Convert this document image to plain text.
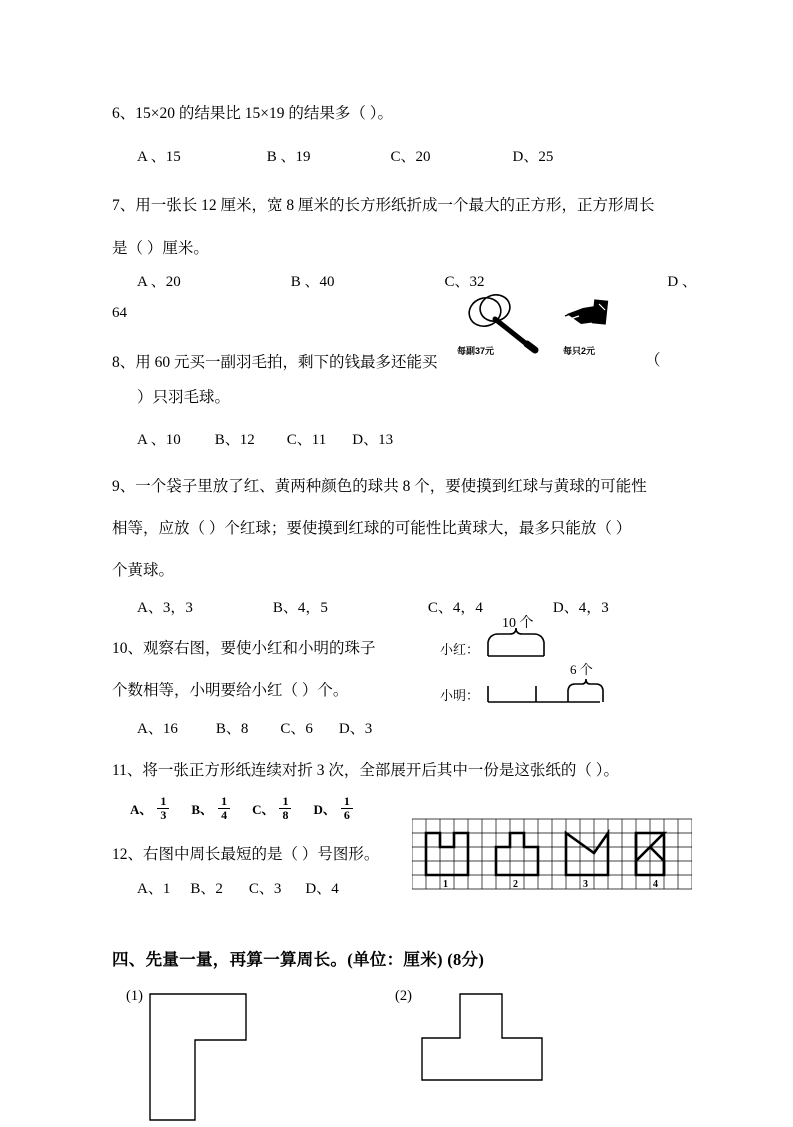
6、15×20 的结果比 15×19 的结果多（ ）。
A 、15	B 、19	C、20	D、25
7、用一张长 12 厘米，宽 8 厘米的长方形纸折成一个最大的正方形，正方形周长
是（ ）厘米。
A 、20	B 、40	C、32	D 、
64
8、用 60 元买一副羽毛拍，剩下的钱最多还能买	（
）只羽毛球。
A 、10 B、12 C、11 D、13
每副37元	每只2元
9、一个袋子里放了红、黄两种颜色的球共 8 个，要使摸到红球与黄球的可能性
相等，应放（ ）个红球；要使摸到红球的可能性比黄球大，最多只能放（ ）
个黄球。
A、3，3	B、4，5	C、4，4	D、4，3
10、观察右图，要使小红和小明的珠子
个数相等，小明要给小红（ ）个。
A、16	B、8 C、6 D、3
小红：
10 个
小明：
6 个
11、将一张正方形纸连续对折 3 次，全部展开后其中一份是这张纸的（ ）。
A、 $\frac{1}{3}$ B、 $\frac{1}{4}$ C、 $\frac{1}{8}$ D、 $\frac{1}{6}$
12、右图中周长最短的是（ ）号图形。
A、1 B、2 C、3 D、4	1	2	3	4
四、先量一量，再算一算周长。(单位：厘米) (8分)
(1)	(2)
